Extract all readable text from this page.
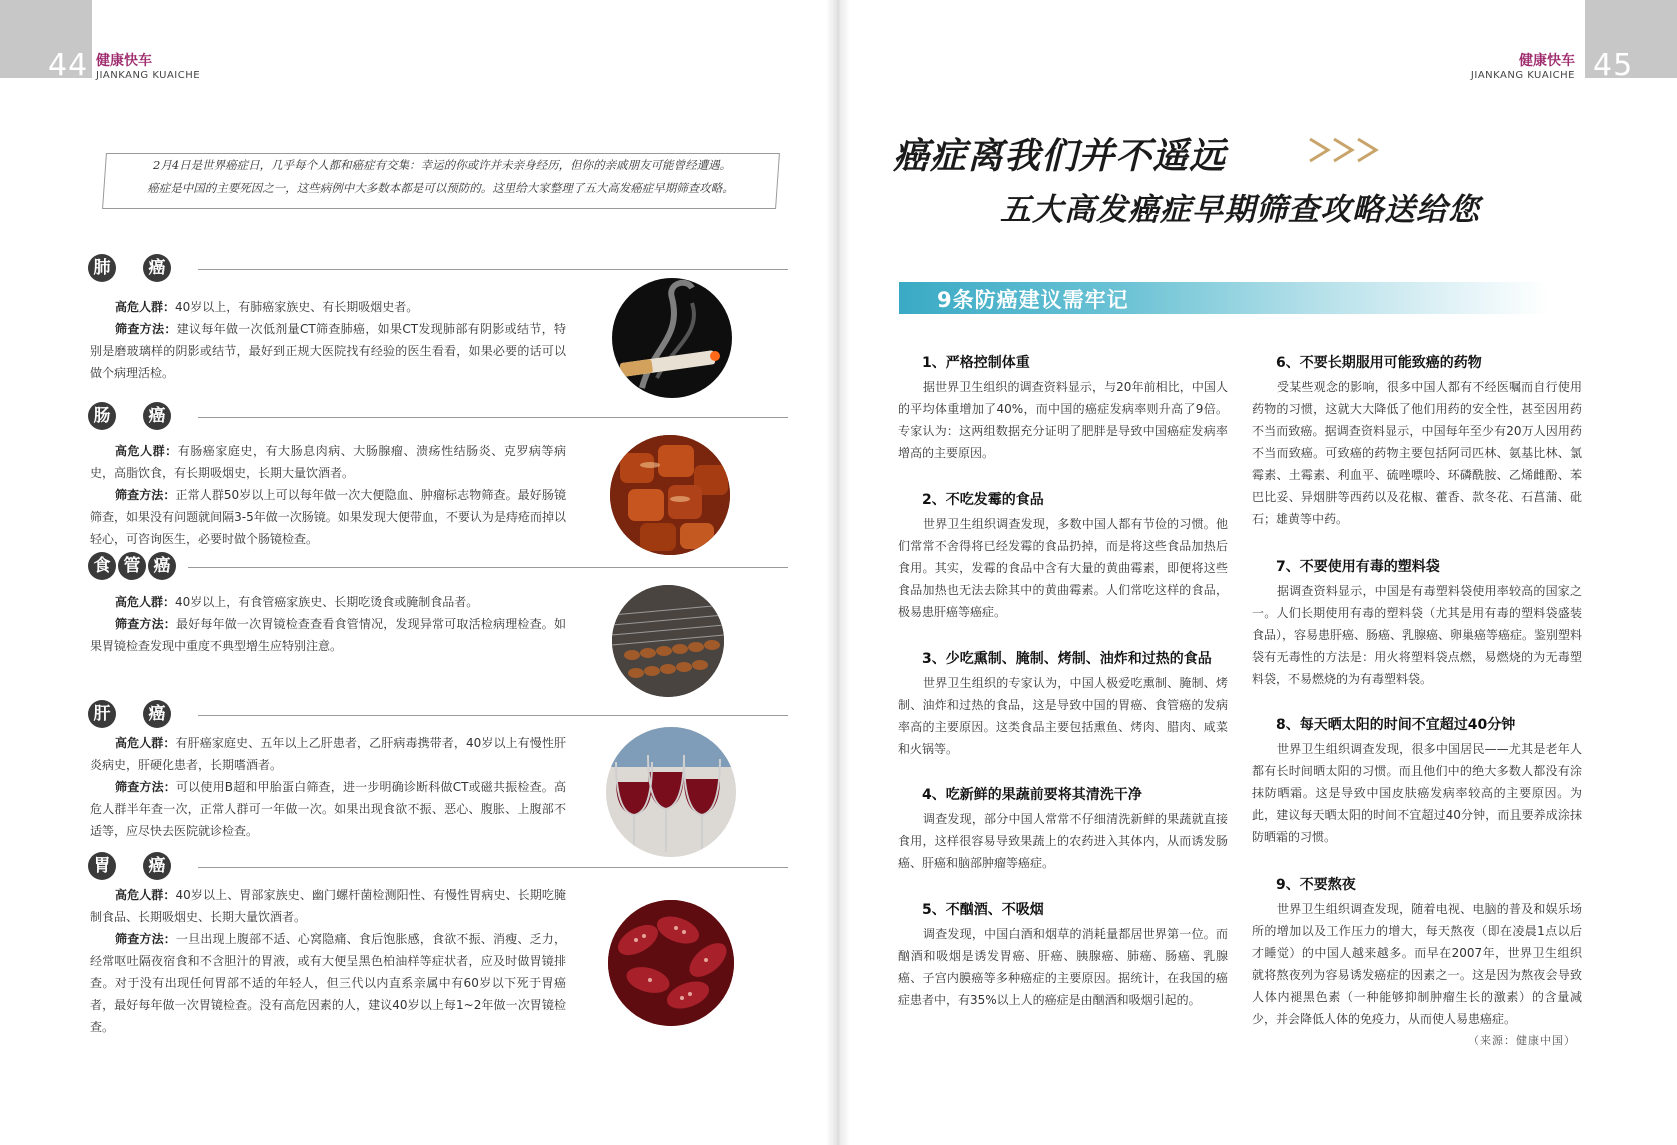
44 健康快车
JIANKANG KUAICHE

2月4日是世界癌症日，几乎每个人都和癌症有交集：幸运的你或许并未亲身经历，但你的亲戚朋友可能曾经遭遇。

癌症是中国的主要死因之一，这些病例中大多数本都是可以预防的。这里给大家整理了五大高发癌症早期筛查攻略。

肺	癌

高危人群：40岁以上，有肺癌家族史、有长期吸烟史者。

筛查方法：建议每年做一次低剂量CT筛查肺癌，如果CT发现肺部有阴影或结节，特别是磨玻璃样的阴影或结节，最好到正规大医院找有经验的医生看看，如果必要的话可以做个病理活检。

肠	癌

高危人群：有肠癌家庭史，有大肠息肉病、大肠腺瘤、溃疡性结肠炎、克罗病等病史，高脂饮食，有长期吸烟史，长期大量饮酒者。

筛查方法：正常人群50岁以上可以每年做一次大便隐血、肿瘤标志物筛查。最好肠镜筛查，如果没有问题就间隔3-5年做一次肠镜。如果发现大便带血，不要认为是痔疮而掉以轻心，可咨询医生，必要时做个肠镜检查。

食 管 癌

高危人群：40岁以上，有食管癌家族史、长期吃烫食或腌制食品者。

筛查方法：最好每年做一次胃镜检查查看食管情况，发现异常可取活检病理检查。如果胃镜检查发现中重度不典型增生应特别注意。

肝	癌

高危人群：有肝癌家庭史、五年以上乙肝患者，乙肝病毒携带者，40岁以上有慢性肝炎病史，肝硬化患者，长期嗜酒者。

筛查方法：可以使用B超和甲胎蛋白筛查，进一步明确诊断科做CT或磁共振检查。高危人群半年查一次，正常人群可一年做一次。如果出现食欲不振、恶心、腹胀、上腹部不适等，应尽快去医院就诊检查。

胃	癌

高危人群：40岁以上、胃部家族史、幽门螺杆菌检测阳性、有慢性胃病史、长期吃腌制食品、长期吸烟史、长期大量饮酒者。

筛查方法：一旦出现上腹部不适、心窝隐痛、食后饱胀感，食欲不振、消瘦、乏力，经常呕吐隔夜宿食和不含胆汁的胃液，或有大便呈黑色柏油样等症状者，应及时做胃镜排查。对于没有出现任何胃部不适的年轻人，但三代以内直系亲属中有60岁以下死于胃癌者，最好每年做一次胃镜检查。没有高危因素的人，建议40岁以上每1~2年做一次胃镜检查。

45
健康快车
JIANKANG KUAICHE
癌症离我们并不遥远
五大高发癌症早期筛查攻略送给您
9条防癌建议需牢记
1、严格控制体重

据世界卫生组织的调查资料显示，与20年前相比，中国人的平均体重增加了40%，而中国的癌症发病率则升高了9倍。专家认为：这两组数据充分证明了肥胖是导致中国癌症发病率增高的主要原因。

2、不吃发霉的食品

世界卫生组织调查发现，多数中国人都有节俭的习惯。他们常常不舍得将已经发霉的食品扔掉，而是将这些食品加热后食用。其实，发霉的食品中含有大量的黄曲霉素，即便将这些食品加热也无法去除其中的黄曲霉素。人们常吃这样的食品，极易患肝癌等癌症。

3、少吃熏制、腌制、烤制、油炸和过热的食品

世界卫生组织的专家认为，中国人极爱吃熏制、腌制、烤制、油炸和过热的食品，这是导致中国的胃癌、食管癌的发病率高的主要原因。这类食品主要包括熏鱼、烤肉、腊肉、咸菜和火锅等。

4、吃新鲜的果蔬前要将其清洗干净

调查发现，部分中国人常常不仔细清洗新鲜的果蔬就直接食用，这样很容易导致果蔬上的农药进入其体内，从而诱发肠癌、肝癌和脑部肿瘤等癌症。

5、不酗酒、不吸烟

调查发现，中国白酒和烟草的消耗量都居世界第一位。而酗酒和吸烟是诱发胃癌、肝癌、胰腺癌、肺癌、肠癌、乳腺癌、子宫内膜癌等多种癌症的主要原因。据统计，在我国的癌症患者中，有35%以上人的癌症是由酗酒和吸烟引起的。

6、不要长期服用可能致癌的药物

受某些观念的影响，很多中国人都有不经医嘱而自行使用药物的习惯，这就大大降低了他们用药的安全性，甚至因用药不当而致癌。据调查资料显示，中国每年至少有20万人因用药不当而致癌。可致癌的药物主要包括阿司匹林、氨基比林、氯霉素、土霉素、利血平、硫唑嘌呤、环磷酰胺、乙烯雌酚、苯巴比妥、异烟肼等西药以及花椒、藿香、款冬花、石菖蒲、砒石；雄黄等中药。

7、不要使用有毒的塑料袋

据调查资料显示，中国是有毒塑料袋使用率较高的国家之一。人们长期使用有毒的塑料袋（尤其是用有毒的塑料袋盛装食品），容易患肝癌、肠癌、乳腺癌、卵巢癌等癌症。鉴别塑料袋有无毒性的方法是：用火将塑料袋点燃，易燃烧的为无毒塑料袋，不易燃烧的为有毒塑料袋。

8、每天晒太阳的时间不宜超过40分钟

世界卫生组织调查发现，很多中国居民——尤其是老年人都有长时间晒太阳的习惯。而且他们中的绝大多数人都没有涂抹防晒霜。这是导致中国皮肤癌发病率较高的主要原因。为此，建议每天晒太阳的时间不宜超过40分钟，而且要养成涂抹防晒霜的习惯。

9、不要熬夜

世界卫生组织调查发现，随着电视、电脑的普及和娱乐场所的增加以及工作压力的增大，每天熬夜（即在凌晨1点以后才睡觉）的中国人越来越多。而早在2007年，世界卫生组织就将熬夜列为容易诱发癌症的因素之一。这是因为熬夜会导致人体内褪黑色素（一种能够抑制肿瘤生长的激素）的含量减少，并会降低人体的免疫力，从而使人易患癌症。

（来源：健康中国）
